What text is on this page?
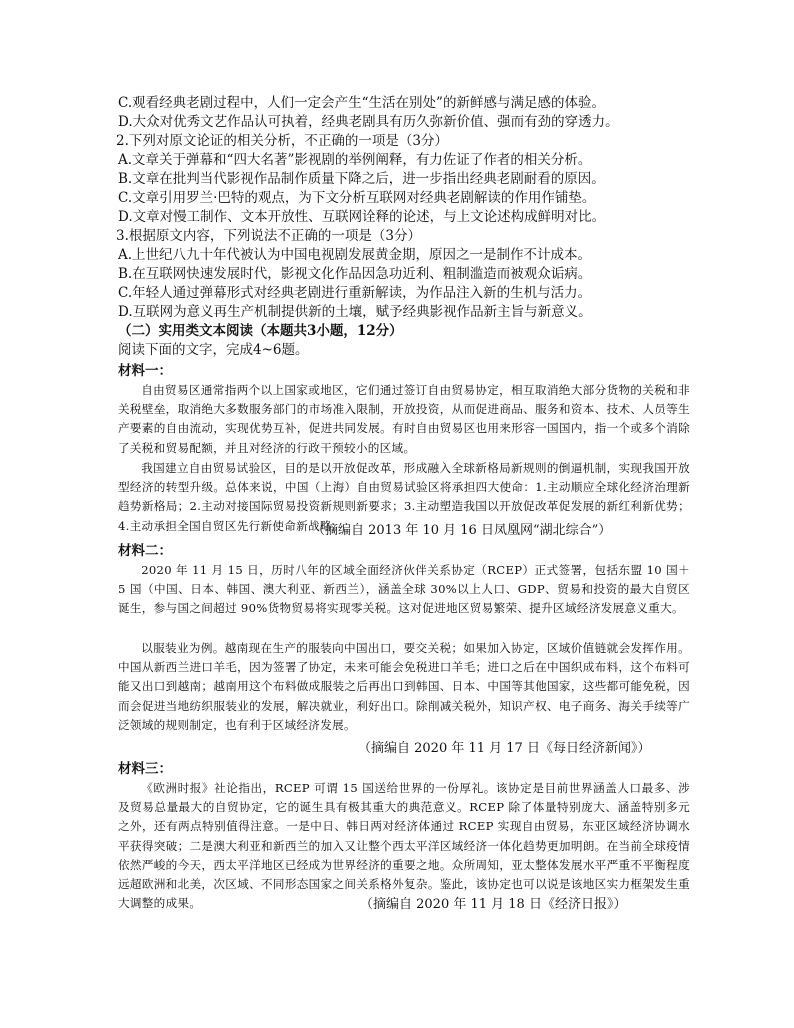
C.观看经典老剧过程中，人们一定会产生“生活在别处”的新鲜感与满足感的体验。
D.大众对优秀文艺作品认可执着，经典老剧具有历久弥新价值、强而有劲的穿透力。
2.下列对原文论证的相关分析，不正确的一项是（3分）
A.文章关于弹幕和“四大名著”影视剧的举例阐释，有力佐证了作者的相关分析。
B.文章在批判当代影视作品制作质量下降之后，进一步指出经典老剧耐看的原因。
C.文章引用罗兰·巴特的观点，为下文分析互联网对经典老剧解读的作用作铺垫。
D.文章对慢工制作、文本开放性、互联网诠释的论述，与上文论述构成鲜明对比。
3.根据原文内容，下列说法不正确的一项是（3分）
A.上世纪八九十年代被认为中国电视剧发展黄金期，原因之一是制作不计成本。
B.在互联网快速发展时代，影视文化作品因急功近利、粗制滥造而被观众诟病。
C.年轻人通过弹幕形式对经典老剧进行重新解读，为作品注入新的生机与活力。
D.互联网为意义再生产机制提供新的土壤，赋予经典影视作品新主旨与新意义。
（二）实用类文本阅读（本题共3小题，12分）
阅读下面的文字，完成4~6题。
材料一：
自由贸易区通常指两个以上国家或地区，它们通过签订自由贸易协定，相互取消绝大部分货物的关税和非关税壁垒，取消绝大多数服务部门的市场准入限制，开放投资，从而促进商品、服务和资本、技术、人员等生产要素的自由流动，实现优势互补，促进共同发展。有时自由贸易区也用来形容一国国内，指一个或多个消除了关税和贸易配额，并且对经济的行政干预较小的区域。
我国建立自由贸易试验区，目的是以开放促改革，形成融入全球新格局新规则的倒逼机制，实现我国开放型经济的转型升级。总体来说，中国（上海）自由贸易试验区将承担四大使命：1.主动顺应全球化经济治理新趋势新格局；2.主动对接国际贸易投资新规则新要求；3.主动塑造我国以开放促改革促发展的新红利新优势；4.主动承担全国自贸区先行新使命新战略。
（摘编自 2013 年 10 月 16 日凤凰网“湖北综合”）
材料二：
2020 年 11 月 15 日，历时八年的区域全面经济伙伴关系协定（RCEP）正式签署，包括东盟 10 国＋5 国（中国、日本、韩国、澳大利亚、新西兰），涵盖全球 30%以上人口、GDP、贸易和投资的最大自贸区诞生，参与国之间超过 90%货物贸易将实现零关税。这对促进地区贸易繁荣、提升区域经济发展意义重大。
以服装业为例。越南现在生产的服装向中国出口，要交关税；如果加入协定，区域价值链就会发挥作用。中国从新西兰进口羊毛，因为签署了协定，未来可能会免税进口羊毛；进口之后在中国织成布料，这个布料可能又出口到越南；越南用这个布料做成服装之后再出口到韩国、日本、中国等其他国家，这些都可能免税，因而会促进当地纺织服装业的发展，解决就业，利好出口。除削减关税外，知识产权、电子商务、海关手续等广泛领域的规则制定，也有利于区域经济发展。
（摘编自 2020 年 11 月 17 日《每日经济新闻》）
材料三：
《欧洲时报》社论指出，RCEP 可谓 15 国送给世界的一份厚礼。该协定是目前世界涵盖人口最多、涉及贸易总量最大的自贸协定，它的诞生具有极其重大的典范意义。RCEP 除了体量特别庞大、涵盖特别多元之外，还有两点特别值得注意。一是中日、韩日两对经济体通过 RCEP 实现自由贸易，东亚区域经济协调水平获得突破；二是澳大利亚和新西兰的加入又让整个西太平洋区域经济一体化趋势更加明朗。在当前全球疫情依然严峻的今天，西太平洋地区已经成为世界经济的重要之地。众所周知，亚太整体发展水平严重不平衡程度远超欧洲和北美，次区域、不同形态国家之间关系格外复杂。鉴此，该协定也可以说是该地区实力框架发生重大调整的成果。	（摘编自 2020 年 11 月 18 日《经济日报》）
